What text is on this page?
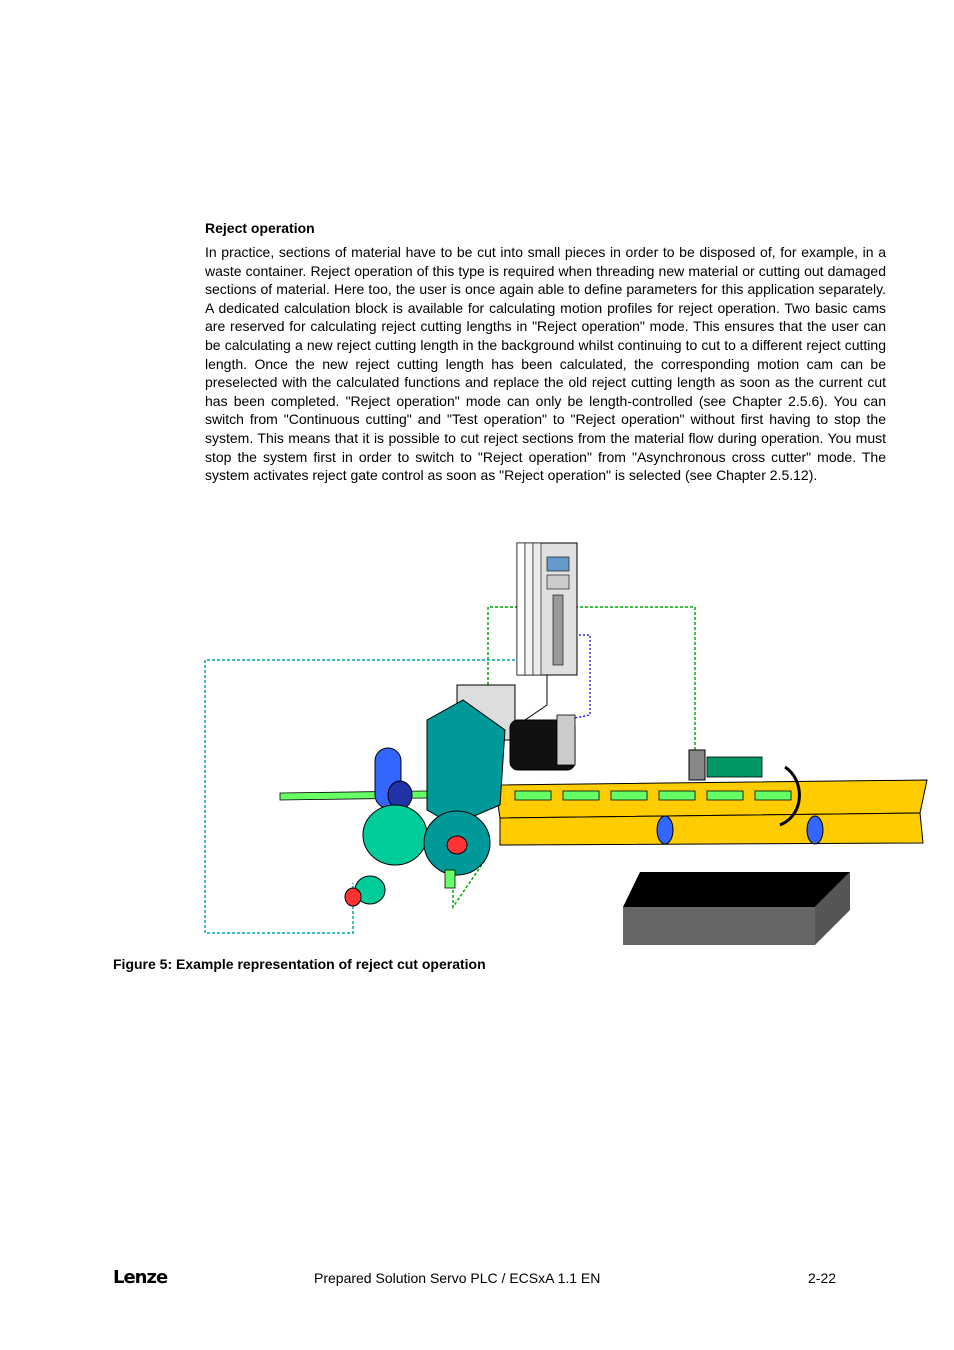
Reject operation

In practice, sections of material have to be cut into small pieces in order to be disposed of, for example, in a waste container. Reject operation of this type is required when threading new material or cutting out damaged sections of material. Here too, the user is once again able to define parameters for this application separately. A dedicated calculation block is available for calculating motion profiles for reject operation. Two basic cams are reserved for calculating reject cutting lengths in "Reject operation" mode. This ensures that the user can be calculating a new reject cutting length in the background whilst continuing to cut to a different reject cutting length. Once the new reject cutting length has been calculated, the corresponding motion cam can be preselected with the calculated functions and replace the old reject cutting length as soon as the current cut has been completed. "Reject operation" mode can only be length-controlled (see Chapter 2.5.6). You can switch from "Continuous cutting" and "Test operation" to "Reject operation" without first having to stop the system. This means that it is possible to cut reject sections from the material flow during operation. You must stop the system first in order to switch to "Reject operation" from "Asynchronous cross cutter" mode. The system activates reject gate control as soon as "Reject operation" is selected (see Chapter 2.5.12).

Figure 5: Example representation of reject cut operation

Lenze	Prepared Solution Servo PLC / ECSxA 1.1 EN	2-22
